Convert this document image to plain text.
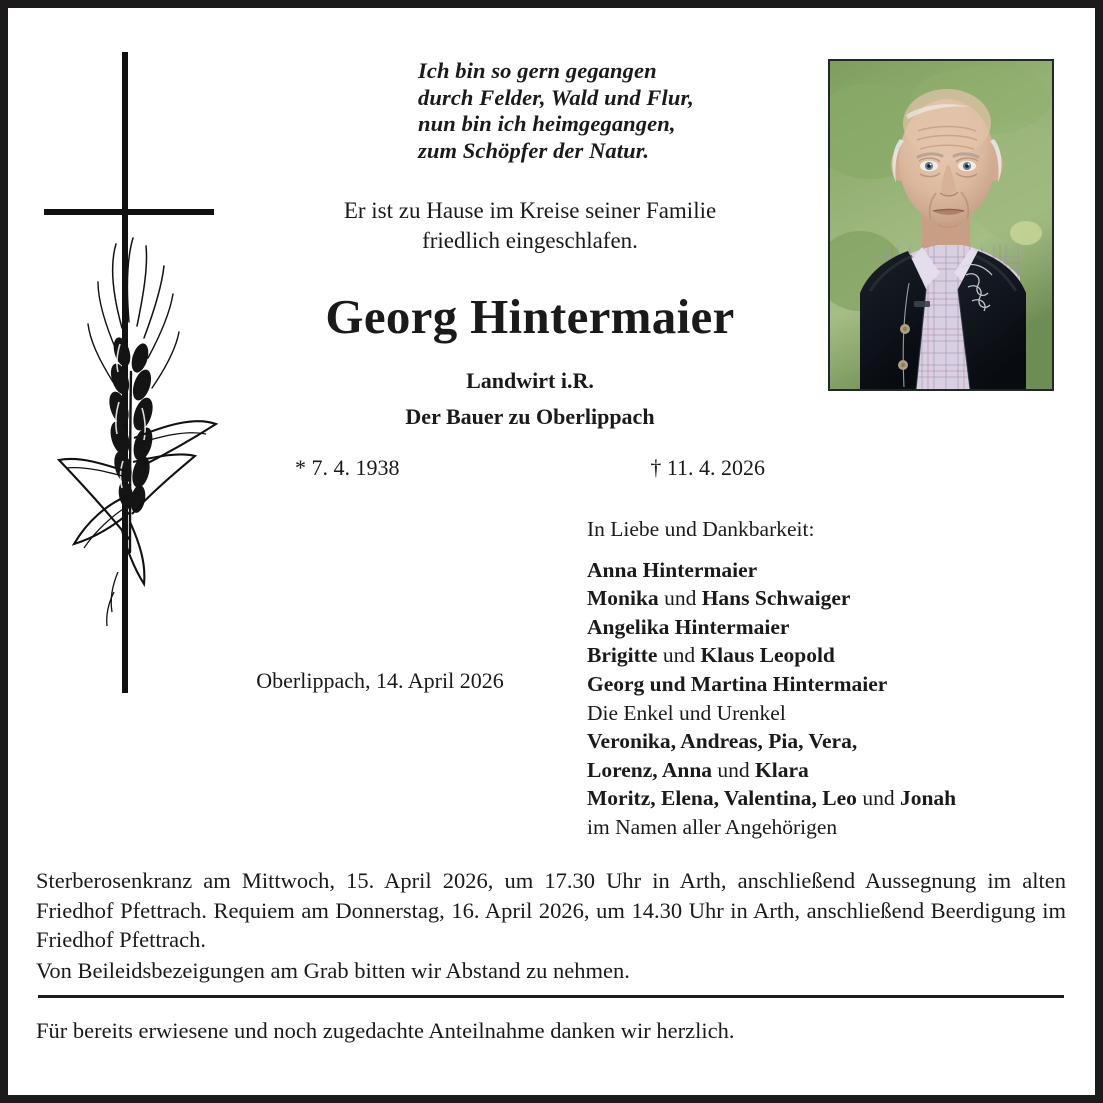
Ich bin so gern gegangen
durch Felder, Wald und Flur,
nun bin ich heimgegangen,
zum Schöpfer der Natur.
Er ist zu Hause im Kreise seiner Familie
friedlich eingeschlafen.
Georg Hintermaier
Landwirt i.R.
Der Bauer zu Oberlippach
* 7. 4. 1938	† 11. 4. 2026
In Liebe und Dankbarkeit:
Anna Hintermaier
Monika und Hans Schwaiger
Angelika Hintermaier
Brigitte und Klaus Leopold
Georg und Martina Hintermaier
Die Enkel und Urenkel
Veronika, Andreas, Pia, Vera,
Lorenz, Anna und Klara
Moritz, Elena, Valentina, Leo und Jonah
im Namen aller Angehörigen
Oberlippach, 14. April 2026
Sterberosenkranz am Mittwoch, 15. April 2026, um 17.30 Uhr in Arth, anschließend Aussegnung im alten Friedhof Pfettrach. Requiem am Donnerstag, 16. April 2026, um 14.30 Uhr in Arth, anschließend Beerdigung im Friedhof Pfettrach.
Von Beileidsbezeigungen am Grab bitten wir Abstand zu nehmen.
Für bereits erwiesene und noch zugedachte Anteilnahme danken wir herzlich.
